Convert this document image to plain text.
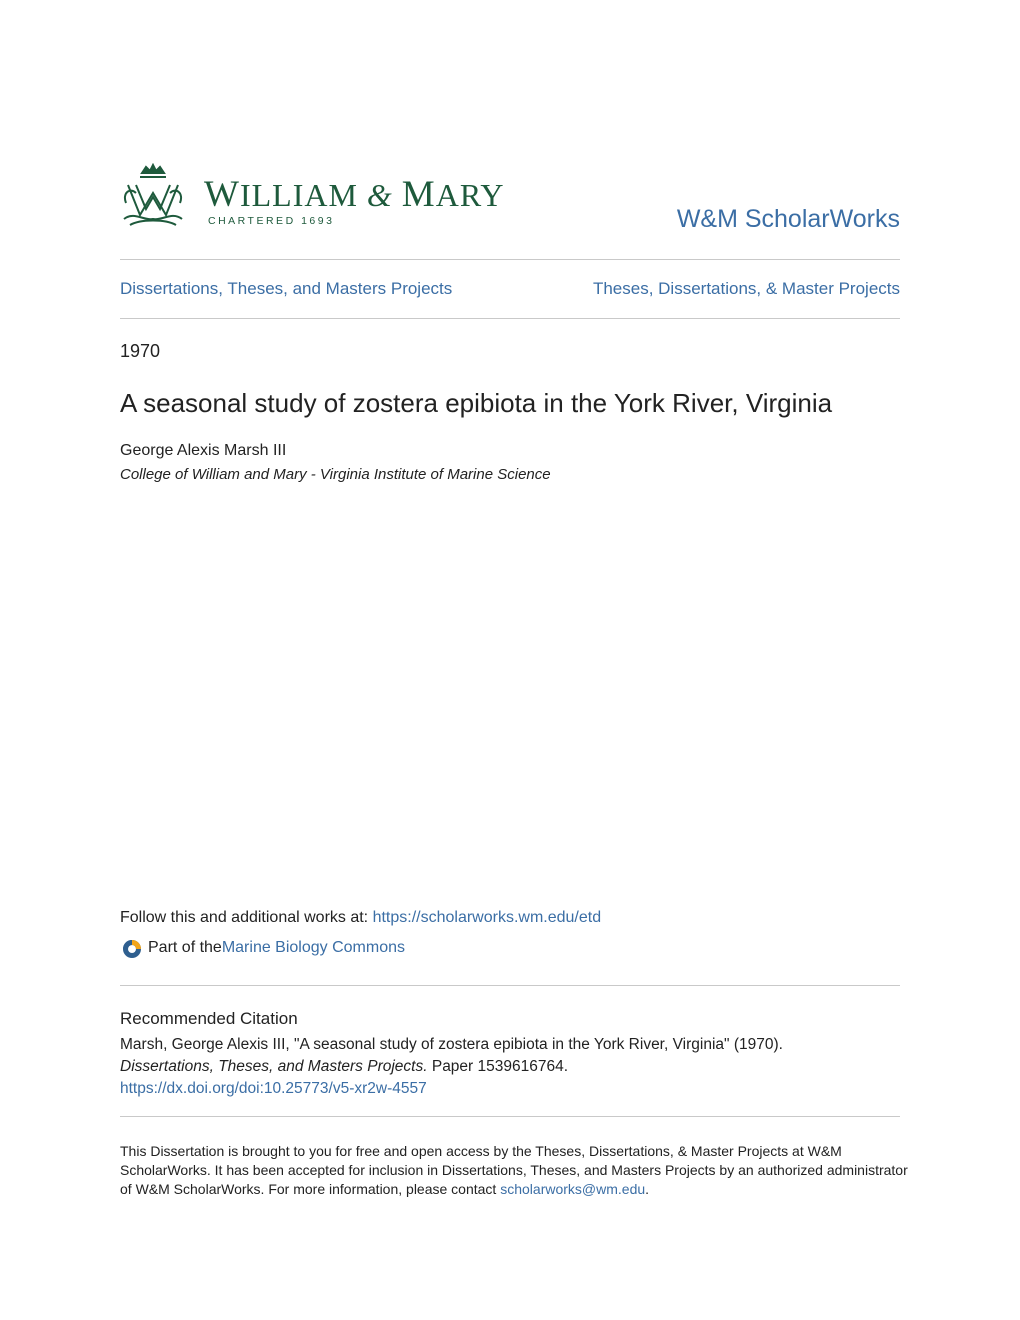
WILLIAM & MARY
CHARTERED 1693	W&M ScholarWorks
Dissertations, Theses, and Masters Projects	Theses, Dissertations, & Master Projects
1970
A seasonal study of zostera epibiota in the York River, Virginia
George Alexis Marsh III
College of William and Mary - Virginia Institute of Marine Science
Follow this and additional works at: https://scholarworks.wm.edu/etd
Part of the Marine Biology Commons
Recommended Citation
Marsh, George Alexis III, "A seasonal study of zostera epibiota in the York River, Virginia" (1970).
Dissertations, Theses, and Masters Projects. Paper 1539616764.
https://dx.doi.org/doi:10.25773/v5-xr2w-4557
This Dissertation is brought to you for free and open access by the Theses, Dissertations, & Master Projects at W&M ScholarWorks. It has been accepted for inclusion in Dissertations, Theses, and Masters Projects by an authorized administrator of W&M ScholarWorks. For more information, please contact scholarworks@wm.edu.
